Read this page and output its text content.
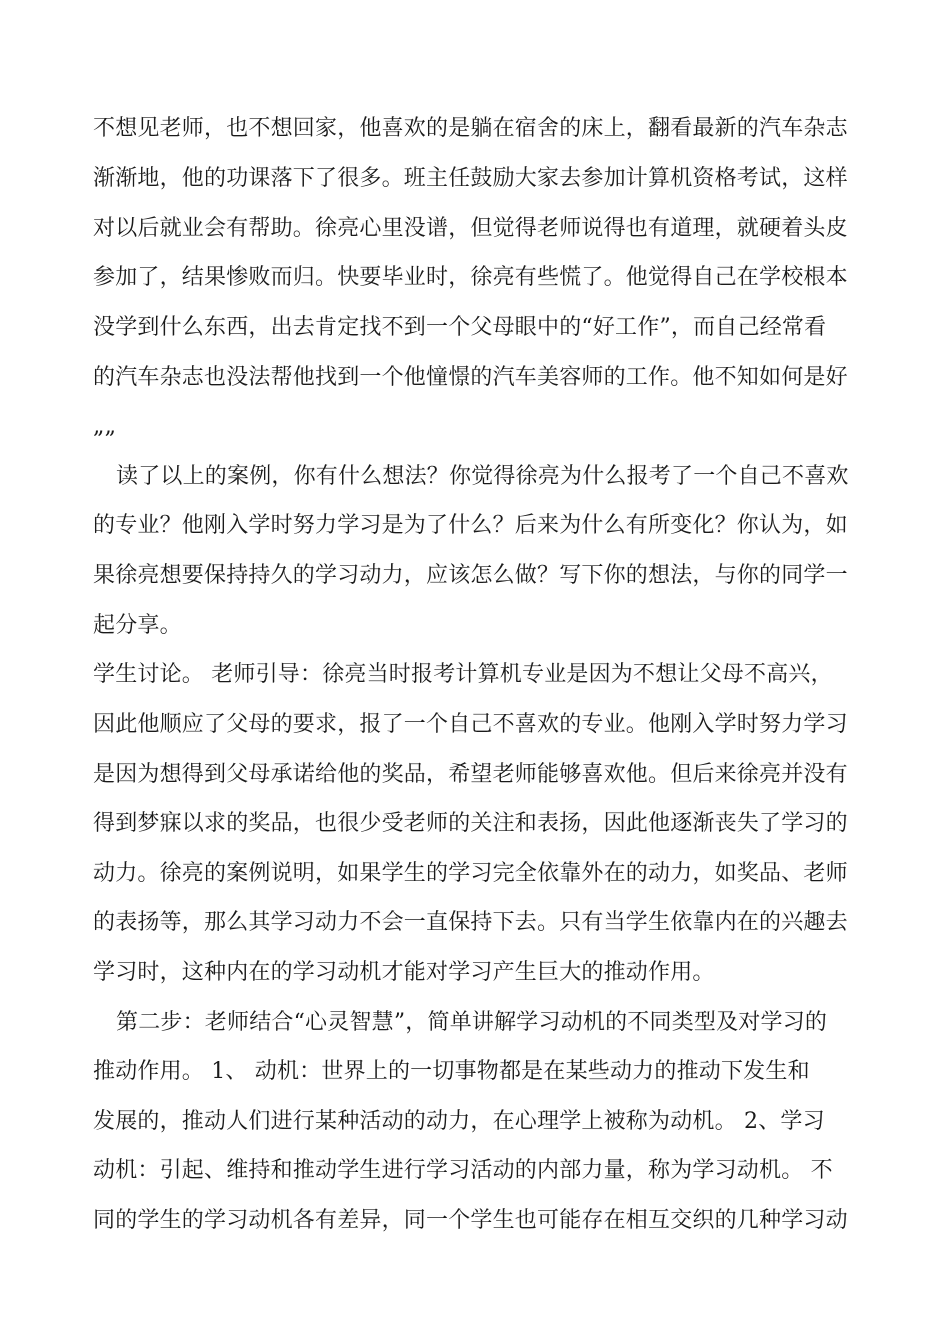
不想见老师，也不想回家，他喜欢的是躺在宿舍的床上，翻看最新的汽车杂志
渐渐地，他的功课落下了很多。班主任鼓励大家去参加计算机资格考试，这样
对以后就业会有帮助。徐亮心里没谱，但觉得老师说得也有道理，就硬着头皮
参加了，结果惨败而归。快要毕业时，徐亮有些慌了。他觉得自己在学校根本
没学到什么东西，出去肯定找不到一个父母眼中的“好工作”，而自己经常看
的汽车杂志也没法帮他找到一个他憧憬的汽车美容师的工作。他不知如何是好
„„
读了以上的案例，你有什么想法？你觉得徐亮为什么报考了一个自己不喜欢
的专业？他刚入学时努力学习是为了什么？后来为什么有所变化？你认为，如
果徐亮想要保持持久的学习动力，应该怎么做？写下你的想法，与你的同学一
起分享。
学生讨论。 老师引导：徐亮当时报考计算机专业是因为不想让父母不高兴，
因此他顺应了父母的要求，报了一个自己不喜欢的专业。他刚入学时努力学习
是因为想得到父母承诺给他的奖品，希望老师能够喜欢他。但后来徐亮并没有
得到梦寐以求的奖品，也很少受老师的关注和表扬，因此他逐渐丧失了学习的
动力。徐亮的案例说明，如果学生的学习完全依靠外在的动力，如奖品、老师
的表扬等，那么其学习动力不会一直保持下去。只有当学生依靠内在的兴趣去
学习时，这种内在的学习动机才能对学习产生巨大的推动作用。
第二步：老师结合“心灵智慧”，简单讲解学习动机的不同类型及对学习的
推动作用。 1、 动机：世界上的一切事物都是在某些动力的推动下发生和
发展的，推动人们进行某种活动的动力，在心理学上被称为动机。 2、学习
动机：引起、维持和推动学生进行学习活动的内部力量，称为学习动机。 不
同的学生的学习动机各有差异，同一个学生也可能存在相互交织的几种学习动
